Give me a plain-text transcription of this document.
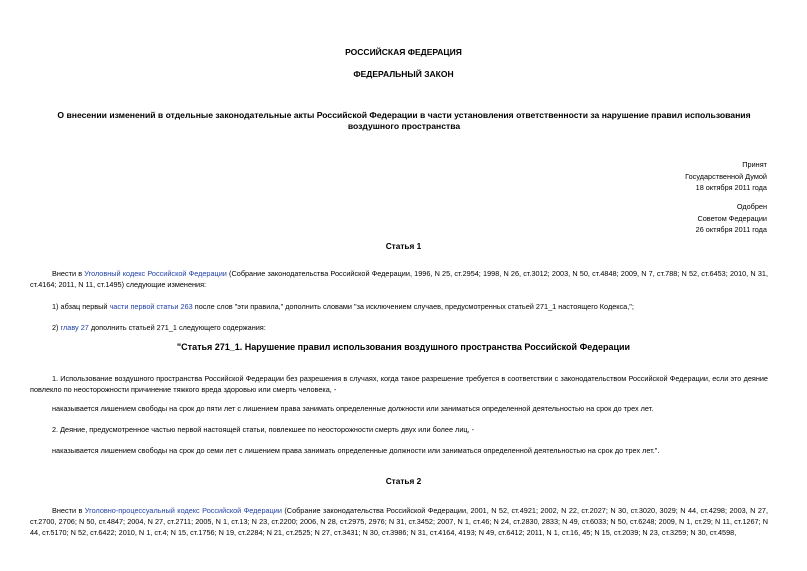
РОССИЙСКАЯ ФЕДЕРАЦИЯ
ФЕДЕРАЛЬНЫЙ ЗАКОН
О внесении изменений в отдельные законодательные акты Российской Федерации в части установления ответственности за нарушение правил использования
воздушного пространства
Принят
Государственной Думой
18 октября 2011 года
Одобрен
Советом Федерации
26 октября 2011 года
Статья 1
Внести в Уголовный кодекс Российской Федерации (Собрание законодательства Российской Федерации, 1996, N 25, ст.2954; 1998, N 26, ст.3012; 2003, N 50, ст.4848; 2009, N 7, ст.788; N 52, ст.6453; 2010, N 31, ст.4164; 2011, N 11, ст.1495) следующие изменения:
1) абзац первый части первой статьи 263 после слов "эти правила," дополнить словами "за исключением случаев, предусмотренных статьей 271_1 настоящего Кодекса,";
2) главу 27 дополнить статьей 271_1 следующего содержания:
"Статья 271_1. Нарушение правил использования воздушного пространства Российской Федерации
1. Использование воздушного пространства Российской Федерации без разрешения в случаях, когда такое разрешение требуется в соответствии с законодательством Российской Федерации, если это деяние повлекло по неосторожности причинение тяжкого вреда здоровью или смерть человека, -
наказывается лишением свободы на срок до пяти лет с лишением права занимать определенные должности или заниматься определенной деятельностью на срок до трех лет.
2. Деяние, предусмотренное частью первой настоящей статьи, повлекшее по неосторожности смерть двух или более лиц, -
наказывается лишением свободы на срок до семи лет с лишением права занимать определенные должности или заниматься определенной деятельностью на срок до трех лет.".
Статья 2
Внести в Уголовно-процессуальный кодекс Российской Федерации (Собрание законодательства Российской Федерации, 2001, N 52, ст.4921; 2002, N 22, ст.2027; N 30, ст.3020, 3029; N 44, ст.4298; 2003, N 27, ст.2700, 2706; N 50, ст.4847; 2004, N 27, ст.2711; 2005, N 1, ст.13; N 23, ст.2200; 2006, N 28, ст.2975, 2976; N 31, ст.3452; 2007, N 1, ст.46; N 24, ст.2830, 2833; N 49, ст.6033; N 50, ст.6248; 2009, N 1, ст.29; N 11, ст.1267; N 44, ст.5170; N 52, ст.6422; 2010, N 1, ст.4; N 15, ст.1756; N 19, ст.2284; N 21, ст.2525; N 27, ст.3431; N 30, ст.3986; N 31, ст.4164, 4193; N 49, ст.6412; 2011, N 1, ст.16, 45; N 15, ст.2039; N 23, ст.3259; N 30, ст.4598,
